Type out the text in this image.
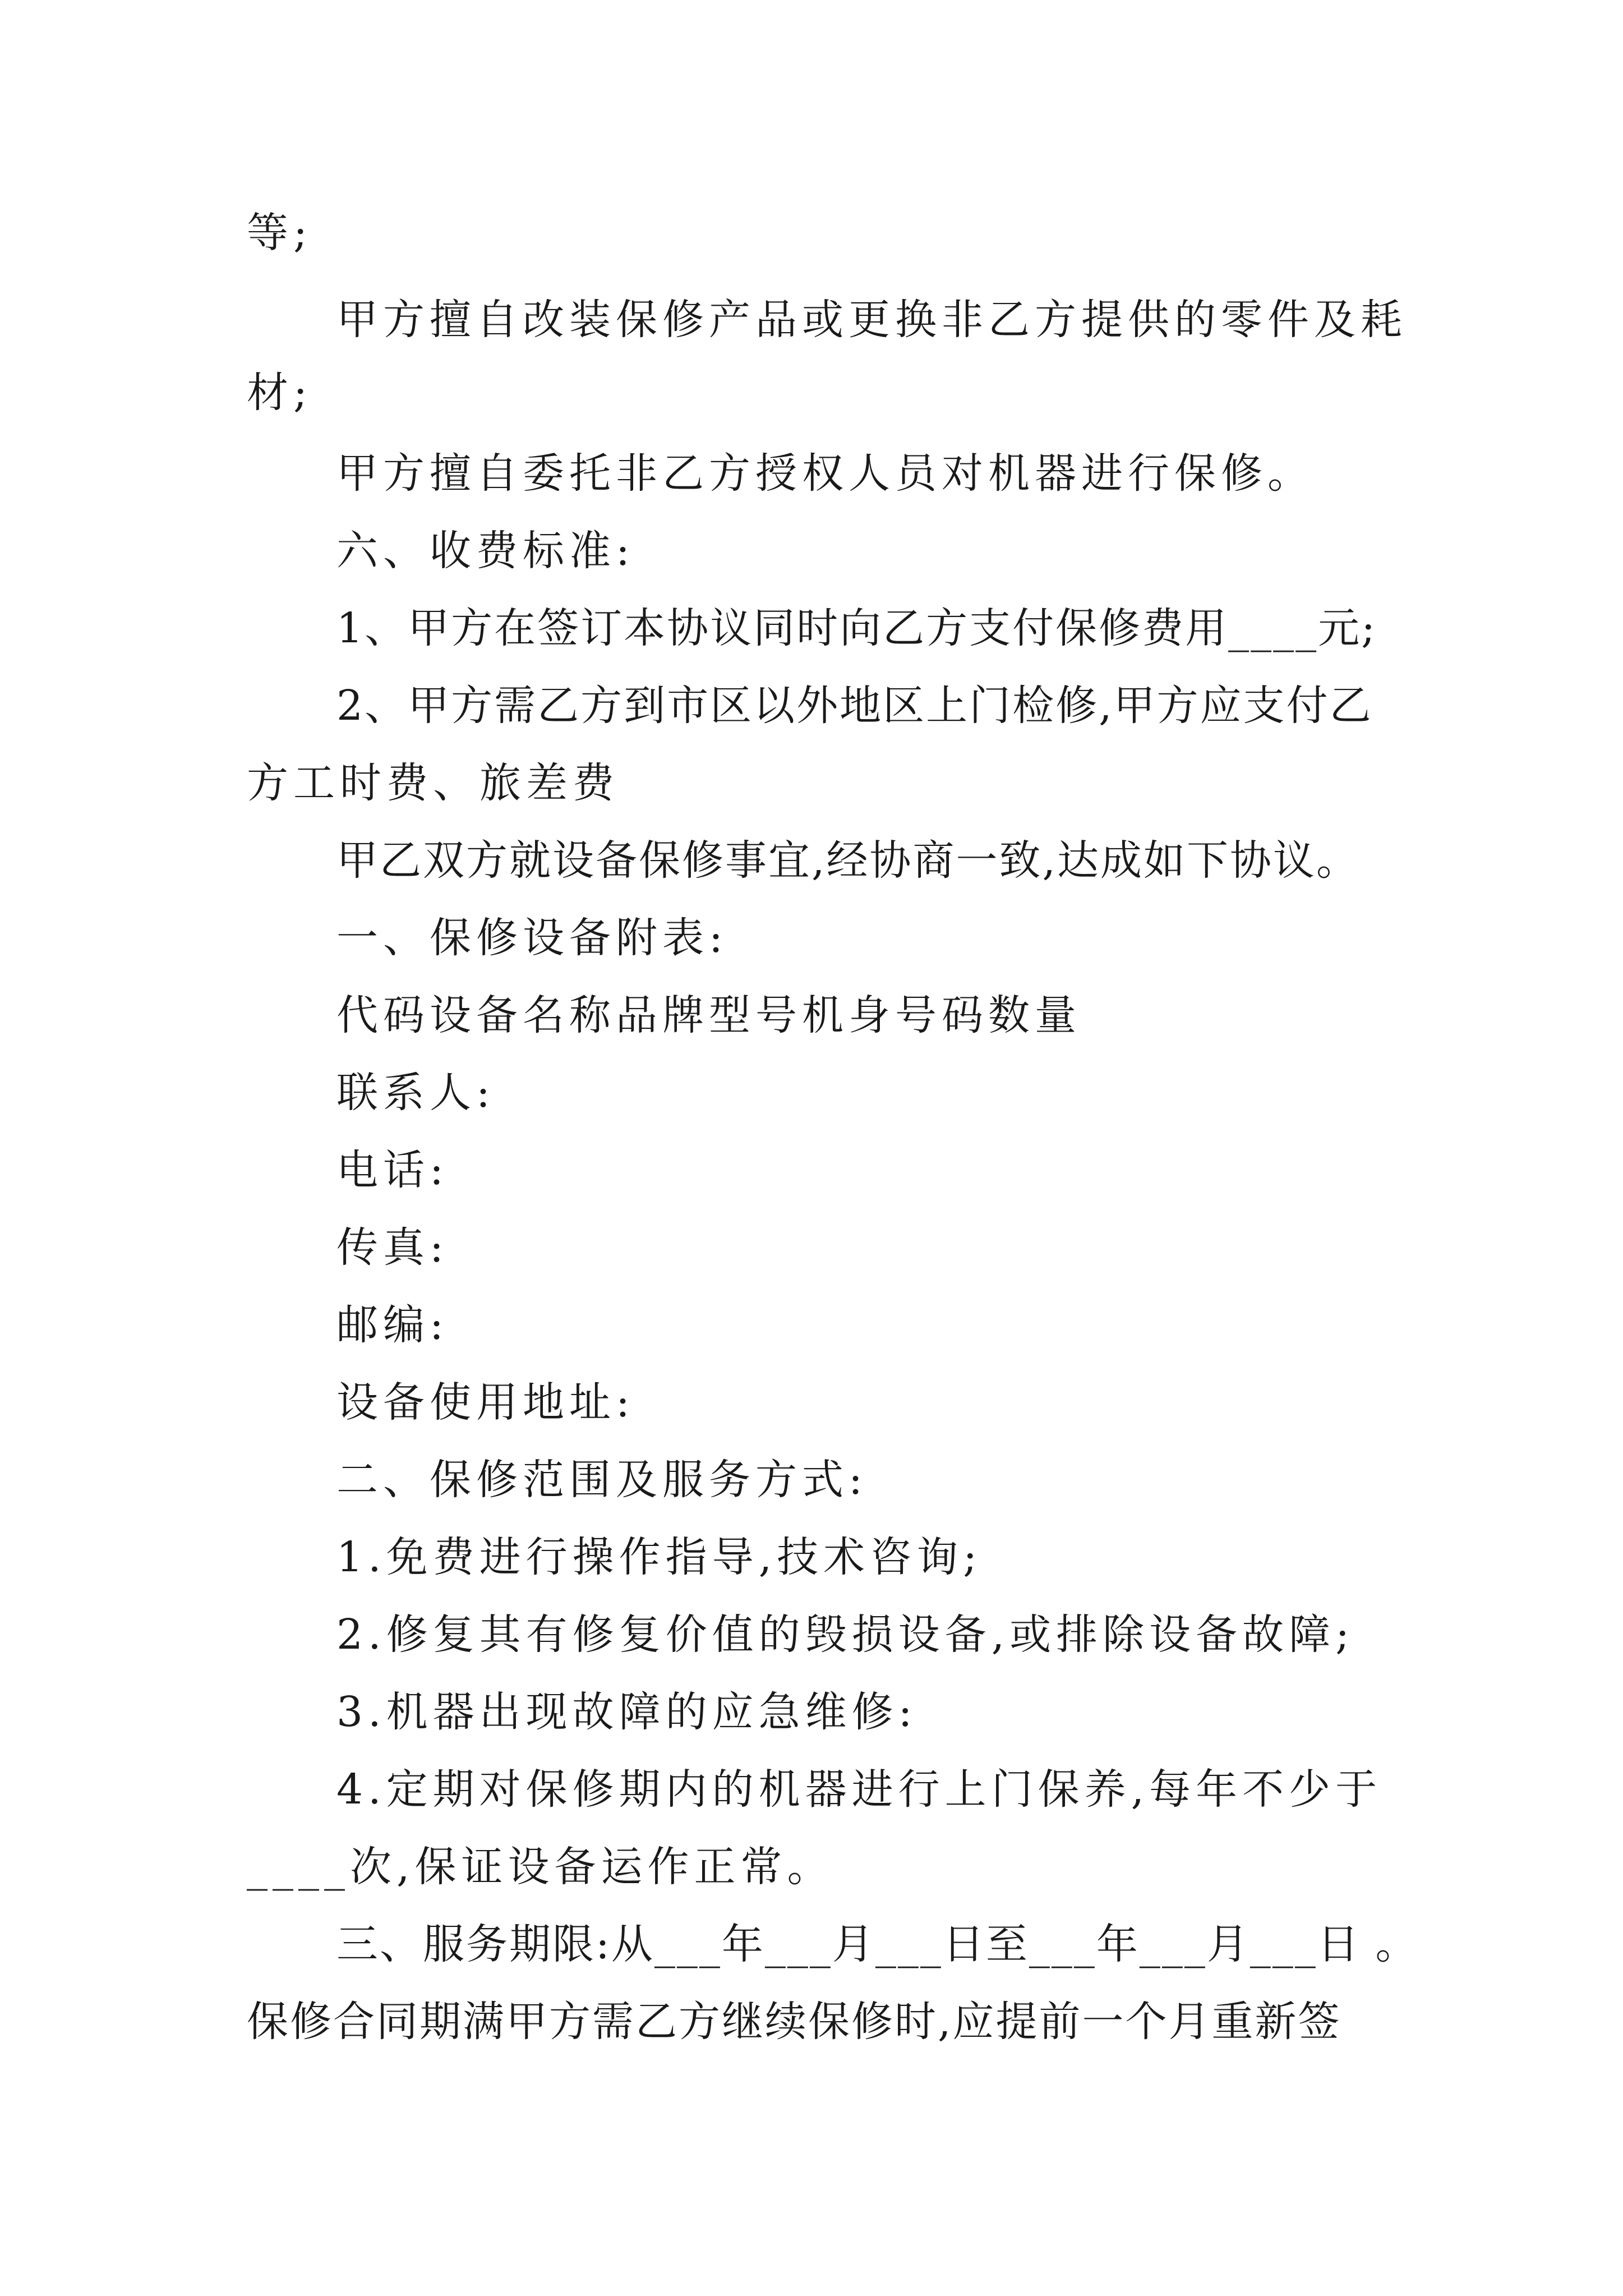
等;
甲方擅自改装保修产品或更换非乙方提供的零件及耗
材;
甲方擅自委托非乙方授权人员对机器进行保修。
六、收费标准:
1、甲方在签订本协议同时向乙方支付保修费用____元;
2、甲方需乙方到市区以外地区上门检修,甲方应支付乙
方工时费、旅差费
甲乙双方就设备保修事宜,经协商一致,达成如下协议。
一、保修设备附表:
代码设备名称品牌型号机身号码数量
联系人:
电话:
传真:
邮编:
设备使用地址:
二、保修范围及服务方式:
1.免费进行操作指导,技术咨询;
2.修复其有修复价值的毁损设备,或排除设备故障;
3.机器出现故障的应急维修:
4.定期对保修期内的机器进行上门保养,每年不少于
____次,保证设备运作正常。
三、服务期限:从___年___月___日至___年___月___日 。
保修合同期满甲方需乙方继续保修时,应提前一个月重新签
